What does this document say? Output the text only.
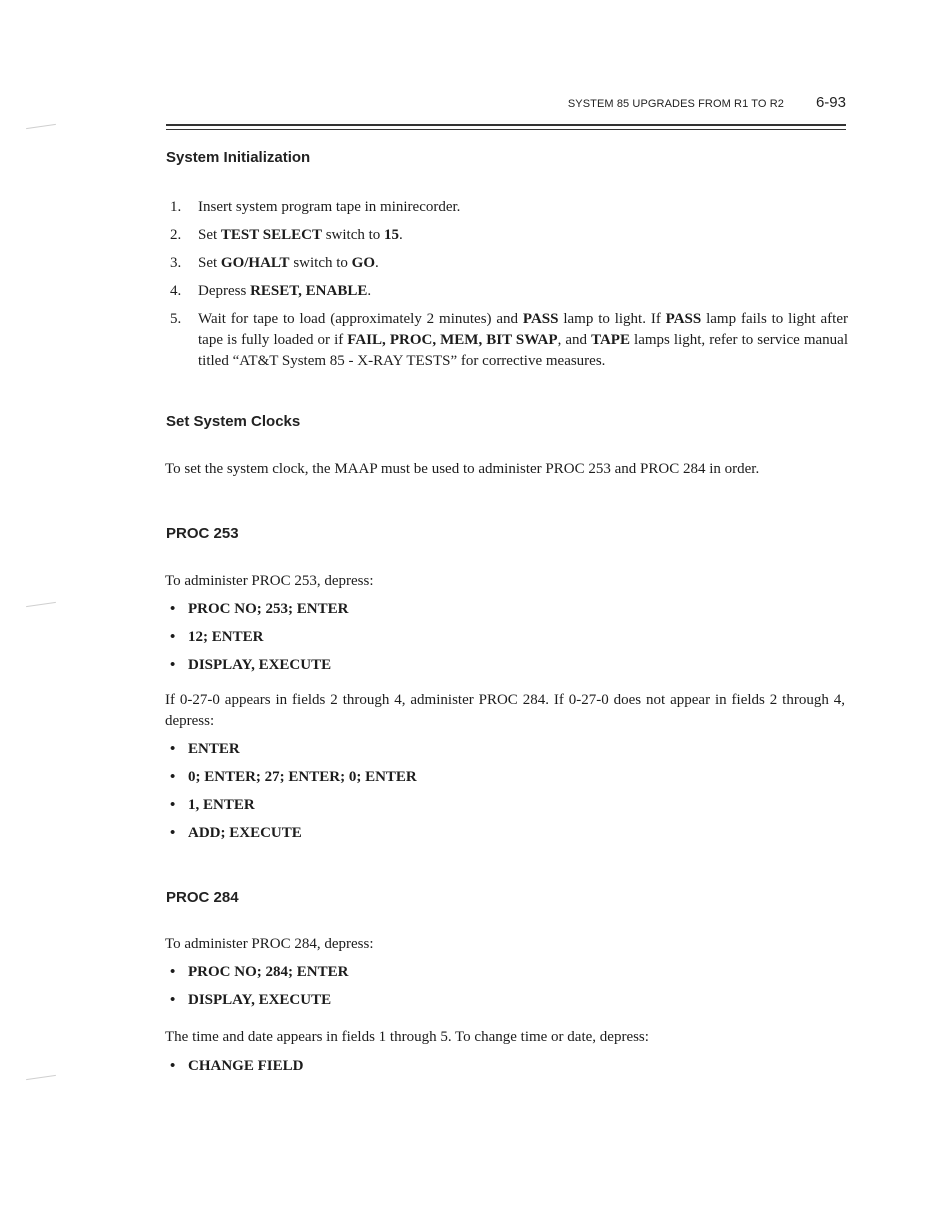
SYSTEM 85 UPGRADES FROM R1 TO R2 6-93
System Initialization
1. Insert system program tape in minirecorder.
2. Set TEST SELECT switch to 15.
3. Set GO/HALT switch to GO.
4. Depress RESET, ENABLE.
5. Wait for tape to load (approximately 2 minutes) and PASS lamp to light. If PASS lamp fails to light after tape is fully loaded or if FAIL, PROC, MEM, BIT SWAP, and TAPE lamps light, refer to service manual titled “AT&T System 85 - X-RAY TESTS” for corrective measures.
Set System Clocks
To set the system clock, the MAAP must be used to administer PROC 253 and PROC 284 in order.
PROC 253
To administer PROC 253, depress:
• PROC NO; 253; ENTER
• 12; ENTER
• DISPLAY, EXECUTE
If 0-27-0 appears in fields 2 through 4, administer PROC 284. If 0-27-0 does not appear in fields 2 through 4, depress:
• ENTER
• 0; ENTER; 27; ENTER; 0; ENTER
• 1, ENTER
• ADD; EXECUTE
PROC 284
To administer PROC 284, depress:
• PROC NO; 284; ENTER
• DISPLAY, EXECUTE
The time and date appears in fields 1 through 5. To change time or date, depress:
• CHANGE FIELD
